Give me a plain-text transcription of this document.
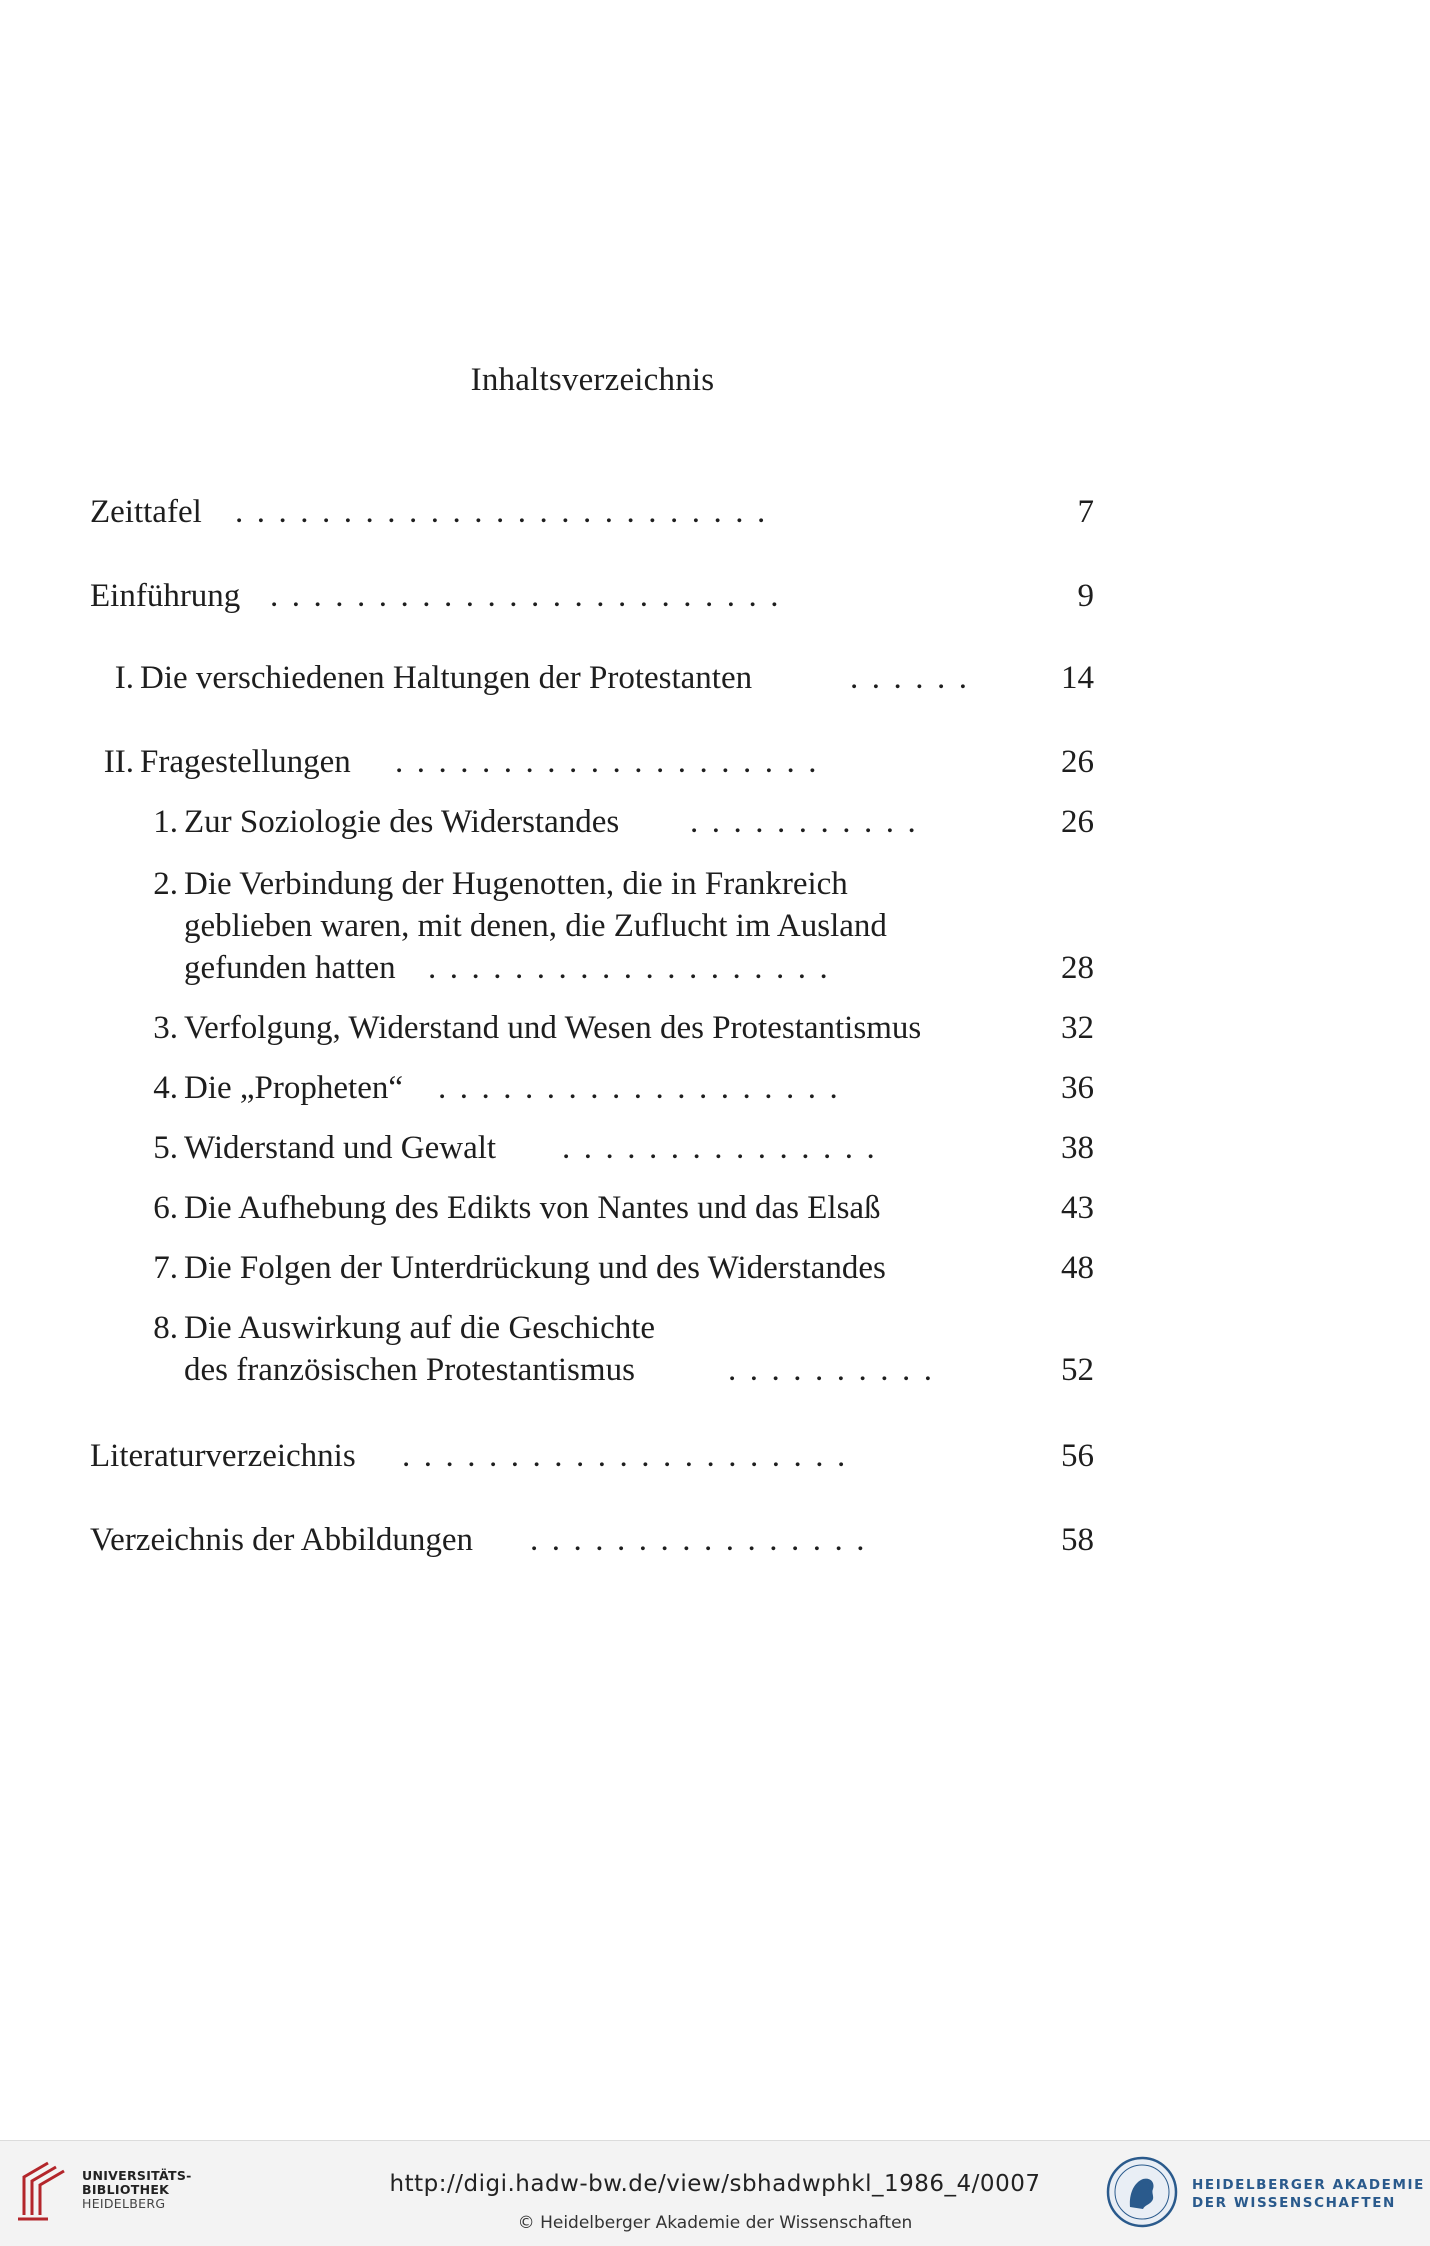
Inhaltsverzeichnis
Zeittafel .........................	7
Einführung ........................	9
I. Die verschiedenen Haltungen der Protestanten	......	14
II. Fragestellungen ....................	26
1. Zur Soziologie des Widerstandes ...........	26
2. Die Verbindung der Hugenotten, die in Frankreich
geblieben waren, mit denen, die Zuflucht im Ausland
gefunden hatten ...................	28
3. Verfolgung, Widerstand und Wesen des Protestantismus	32
4. Die „Propheten“ ...................	36
5. Widerstand und Gewalt ...............	38
6. Die Aufhebung des Edikts von Nantes und das Elsaß	43
7. Die Folgen der Unterdrückung und des Widerstandes	48
8. Die Auswirkung auf die Geschichte
des französischen Protestantismus	..........	52
Literaturverzeichnis .....................	56
Verzeichnis der Abbildungen ................	58
UNIVERSITÄTS-
BIBLIOTHEK
HEIDELBERG
http://digi.hadw-bw.de/view/sbhadwphkl_1986_4/0007
© Heidelberger Akademie der Wissenschaften
HEIDELBERGER AKADEMIE
DER WISSENSCHAFTEN
